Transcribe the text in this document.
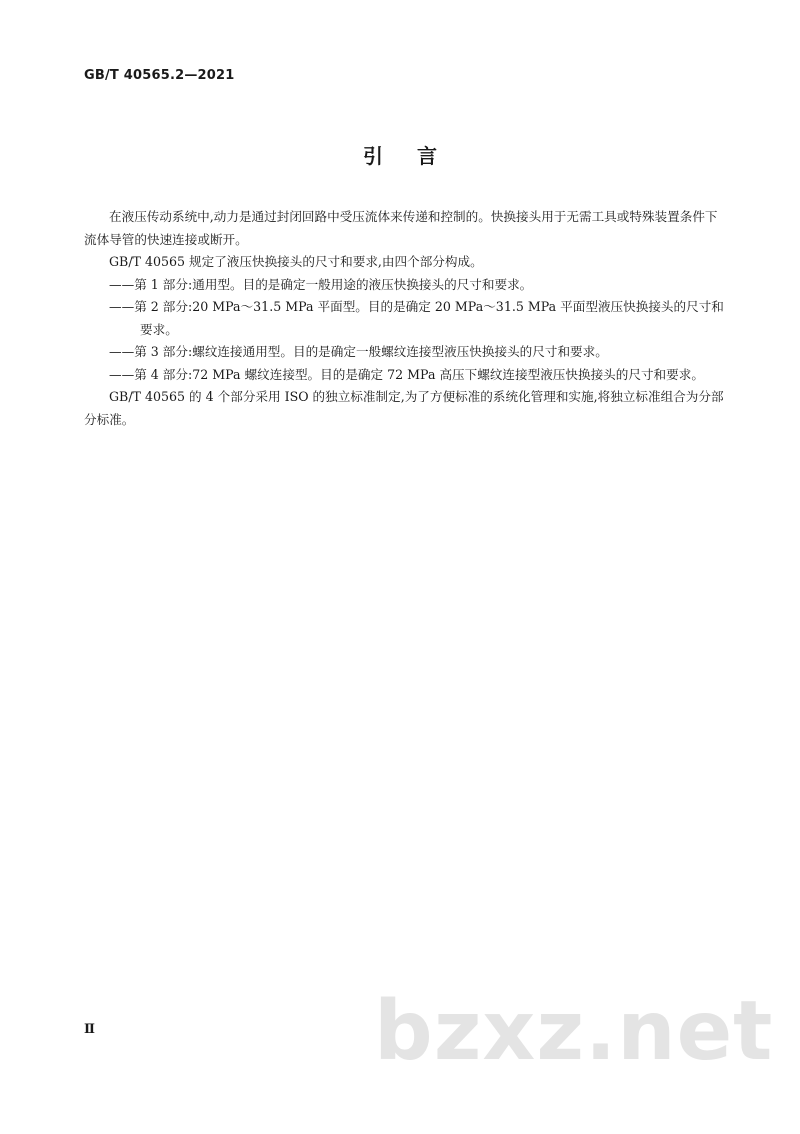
GB/T 40565.2—2021
引言

在液压传动系统中,动力是通过封闭回路中受压流体来传递和控制的。快换接头用于无需工具或特殊装置条件下流体导管的快速连接或断开。

GB/T 40565 规定了液压快换接头的尺寸和要求,由四个部分构成。

——第 1 部分:通用型。目的是确定一般用途的液压快换接头的尺寸和要求。

——第 2 部分:20 MPa～31.5 MPa 平面型。目的是确定 20 MPa～31.5 MPa 平面型液压快换接头的尺寸和要求。

——第 3 部分:螺纹连接通用型。目的是确定一般螺纹连接型液压快换接头的尺寸和要求。

——第 4 部分:72 MPa 螺纹连接型。目的是确定 72 MPa 高压下螺纹连接型液压快换接头的尺寸和要求。

GB/T 40565 的 4 个部分采用 ISO 的独立标准制定,为了方便标准的系统化管理和实施,将独立标准组合为分部分标准。

Ⅱ	bzxz.net
